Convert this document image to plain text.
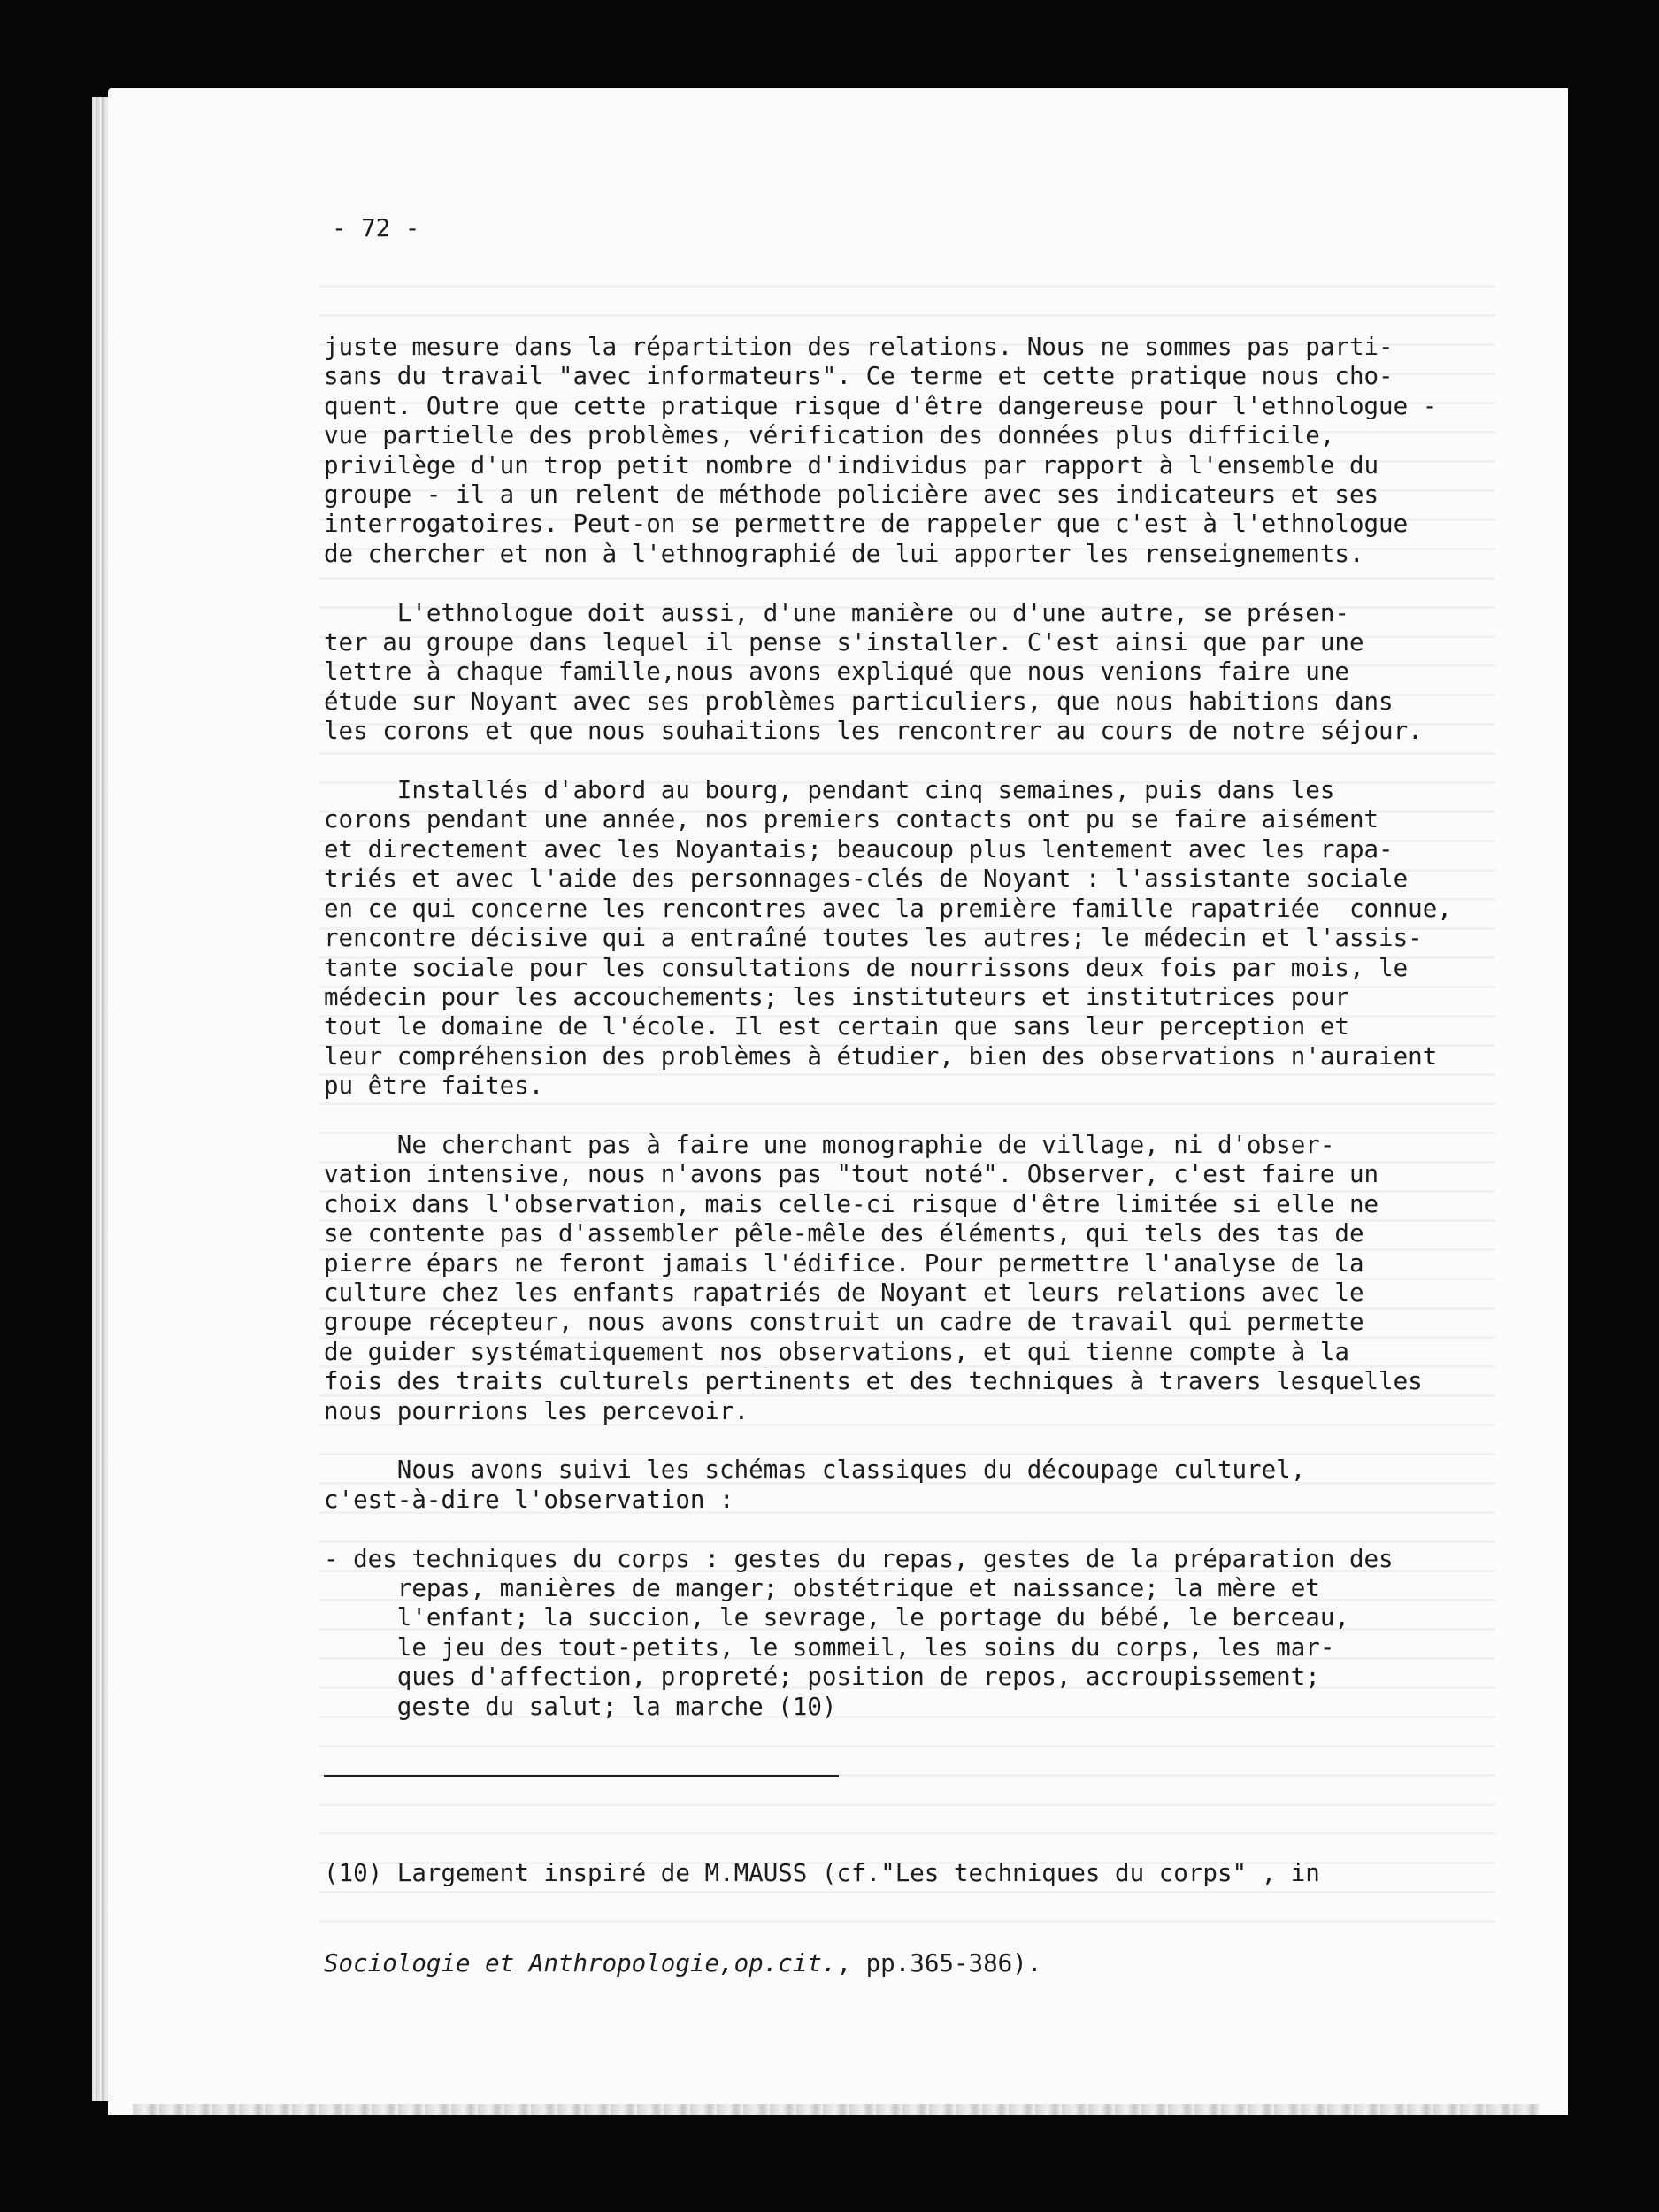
- 72 -

juste mesure dans la répartition des relations. Nous ne sommes pas parti-
sans du travail "avec informateurs". Ce terme et cette pratique nous cho-
quent. Outre que cette pratique risque d'être dangereuse pour l'ethnologue -
vue partielle des problèmes, vérification des données plus difficile,
privilège d'un trop petit nombre d'individus par rapport à l'ensemble du
groupe - il a un relent de méthode policière avec ses indicateurs et ses
interrogatoires. Peut-on se permettre de rappeler que c'est à l'ethnologue
de chercher et non à l'ethnographié de lui apporter les renseignements.
L'ethnologue doit aussi, d'une manière ou d'une autre, se présen-
ter au groupe dans lequel il pense s'installer. C'est ainsi que par une
lettre à chaque famille,nous avons expliqué que nous venions faire une
étude sur Noyant avec ses problèmes particuliers, que nous habitions dans
les corons et que nous souhaitions les rencontrer au cours de notre séjour.
Installés d'abord au bourg, pendant cinq semaines, puis dans les
corons pendant une année, nos premiers contacts ont pu se faire aisément
et directement avec les Noyantais; beaucoup plus lentement avec les rapa-
triés et avec l'aide des personnages-clés de Noyant : l'assistante sociale
en ce qui concerne les rencontres avec la première famille rapatriée  connue,
rencontre décisive qui a entraîné toutes les autres; le médecin et l'assis-
tante sociale pour les consultations de nourrissons deux fois par mois, le
médecin pour les accouchements; les instituteurs et institutrices pour
tout le domaine de l'école. Il est certain que sans leur perception et
leur compréhension des problèmes à étudier, bien des observations n'auraient
pu être faites.
Ne cherchant pas à faire une monographie de village, ni d'obser-
vation intensive, nous n'avons pas "tout noté". Observer, c'est faire un
choix dans l'observation, mais celle-ci risque d'être limitée si elle ne
se contente pas d'assembler pêle-mêle des éléments, qui tels des tas de
pierre épars ne feront jamais l'édifice. Pour permettre l'analyse de la
culture chez les enfants rapatriés de Noyant et leurs relations avec le
groupe récepteur, nous avons construit un cadre de travail qui permette
de guider systématiquement nos observations, et qui tienne compte à la
fois des traits culturels pertinents et des techniques à travers lesquelles
nous pourrions les percevoir.
Nous avons suivi les schémas classiques du découpage culturel,
c'est-à-dire l'observation :
- des techniques du corps : gestes du repas, gestes de la préparation des
repas, manières de manger; obstétrique et naissance; la mère et
l'enfant; la succion, le sevrage, le portage du bébé, le berceau,
le jeu des tout-petits, le sommeil, les soins du corps, les mar-
ques d'affection, propreté; position de repos, accroupissement;
geste du salut; la marche (10)

(10) Largement inspiré de M.MAUSS (cf."Les techniques du corps" , in

Sociologie et Anthropologie,op.cit., pp.365-386).
